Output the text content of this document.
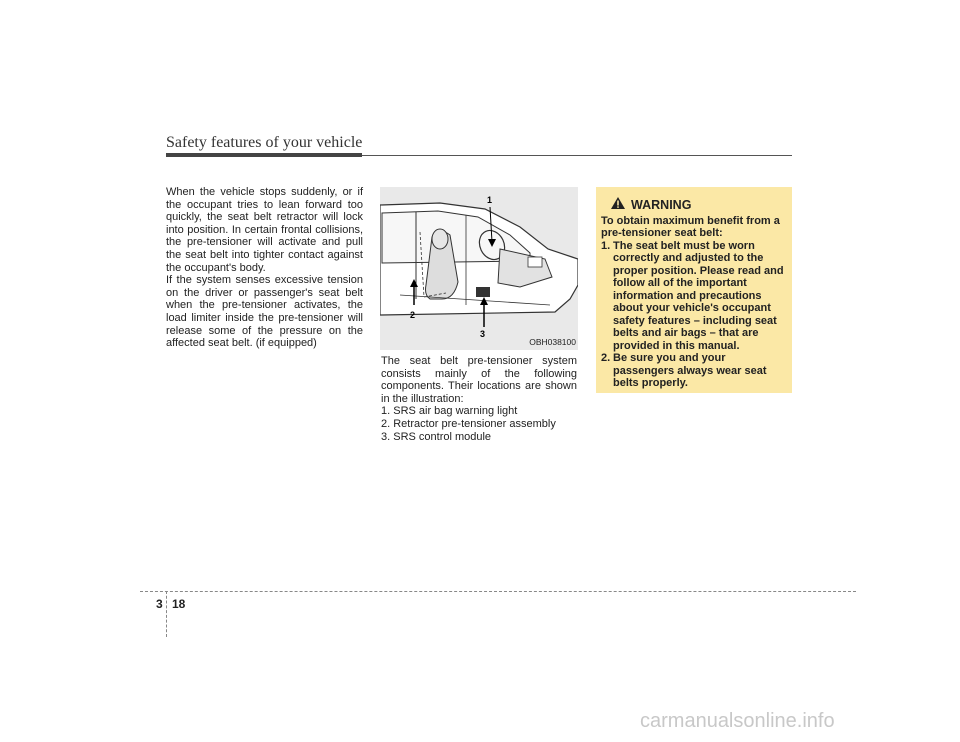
Safety features of your vehicle

When the vehicle stops suddenly, or if the occupant tries to lean forward too quickly, the seat belt retractor will lock into position. In certain frontal collisions, the pre-tensioner will activate and pull the seat belt into tighter contact against the occupant's body.

If the system senses excessive tension on the driver or passenger's seat belt when the pre-tensioner activates, the load limiter inside the pre-tensioner will release some of the pressure on the affected seat belt. (if equipped)

1
2
3
OBH038100

The seat belt pre-tensioner system consists mainly of the following components. Their locations are shown in the illustration:

1. SRS air bag warning light

2. Retractor pre-tensioner assembly

3. SRS control module

WARNING

To obtain maximum benefit from a pre-tensioner seat belt:

1. The seat belt must be worn correctly and adjusted to the proper position. Please read and follow all of the important information and precautions about your vehicle's occupant safety features – including seat belts and air bags – that are provided in this manual.
2. Be sure you and your passengers always wear seat belts properly.
3 18
carmanualsonline.info
